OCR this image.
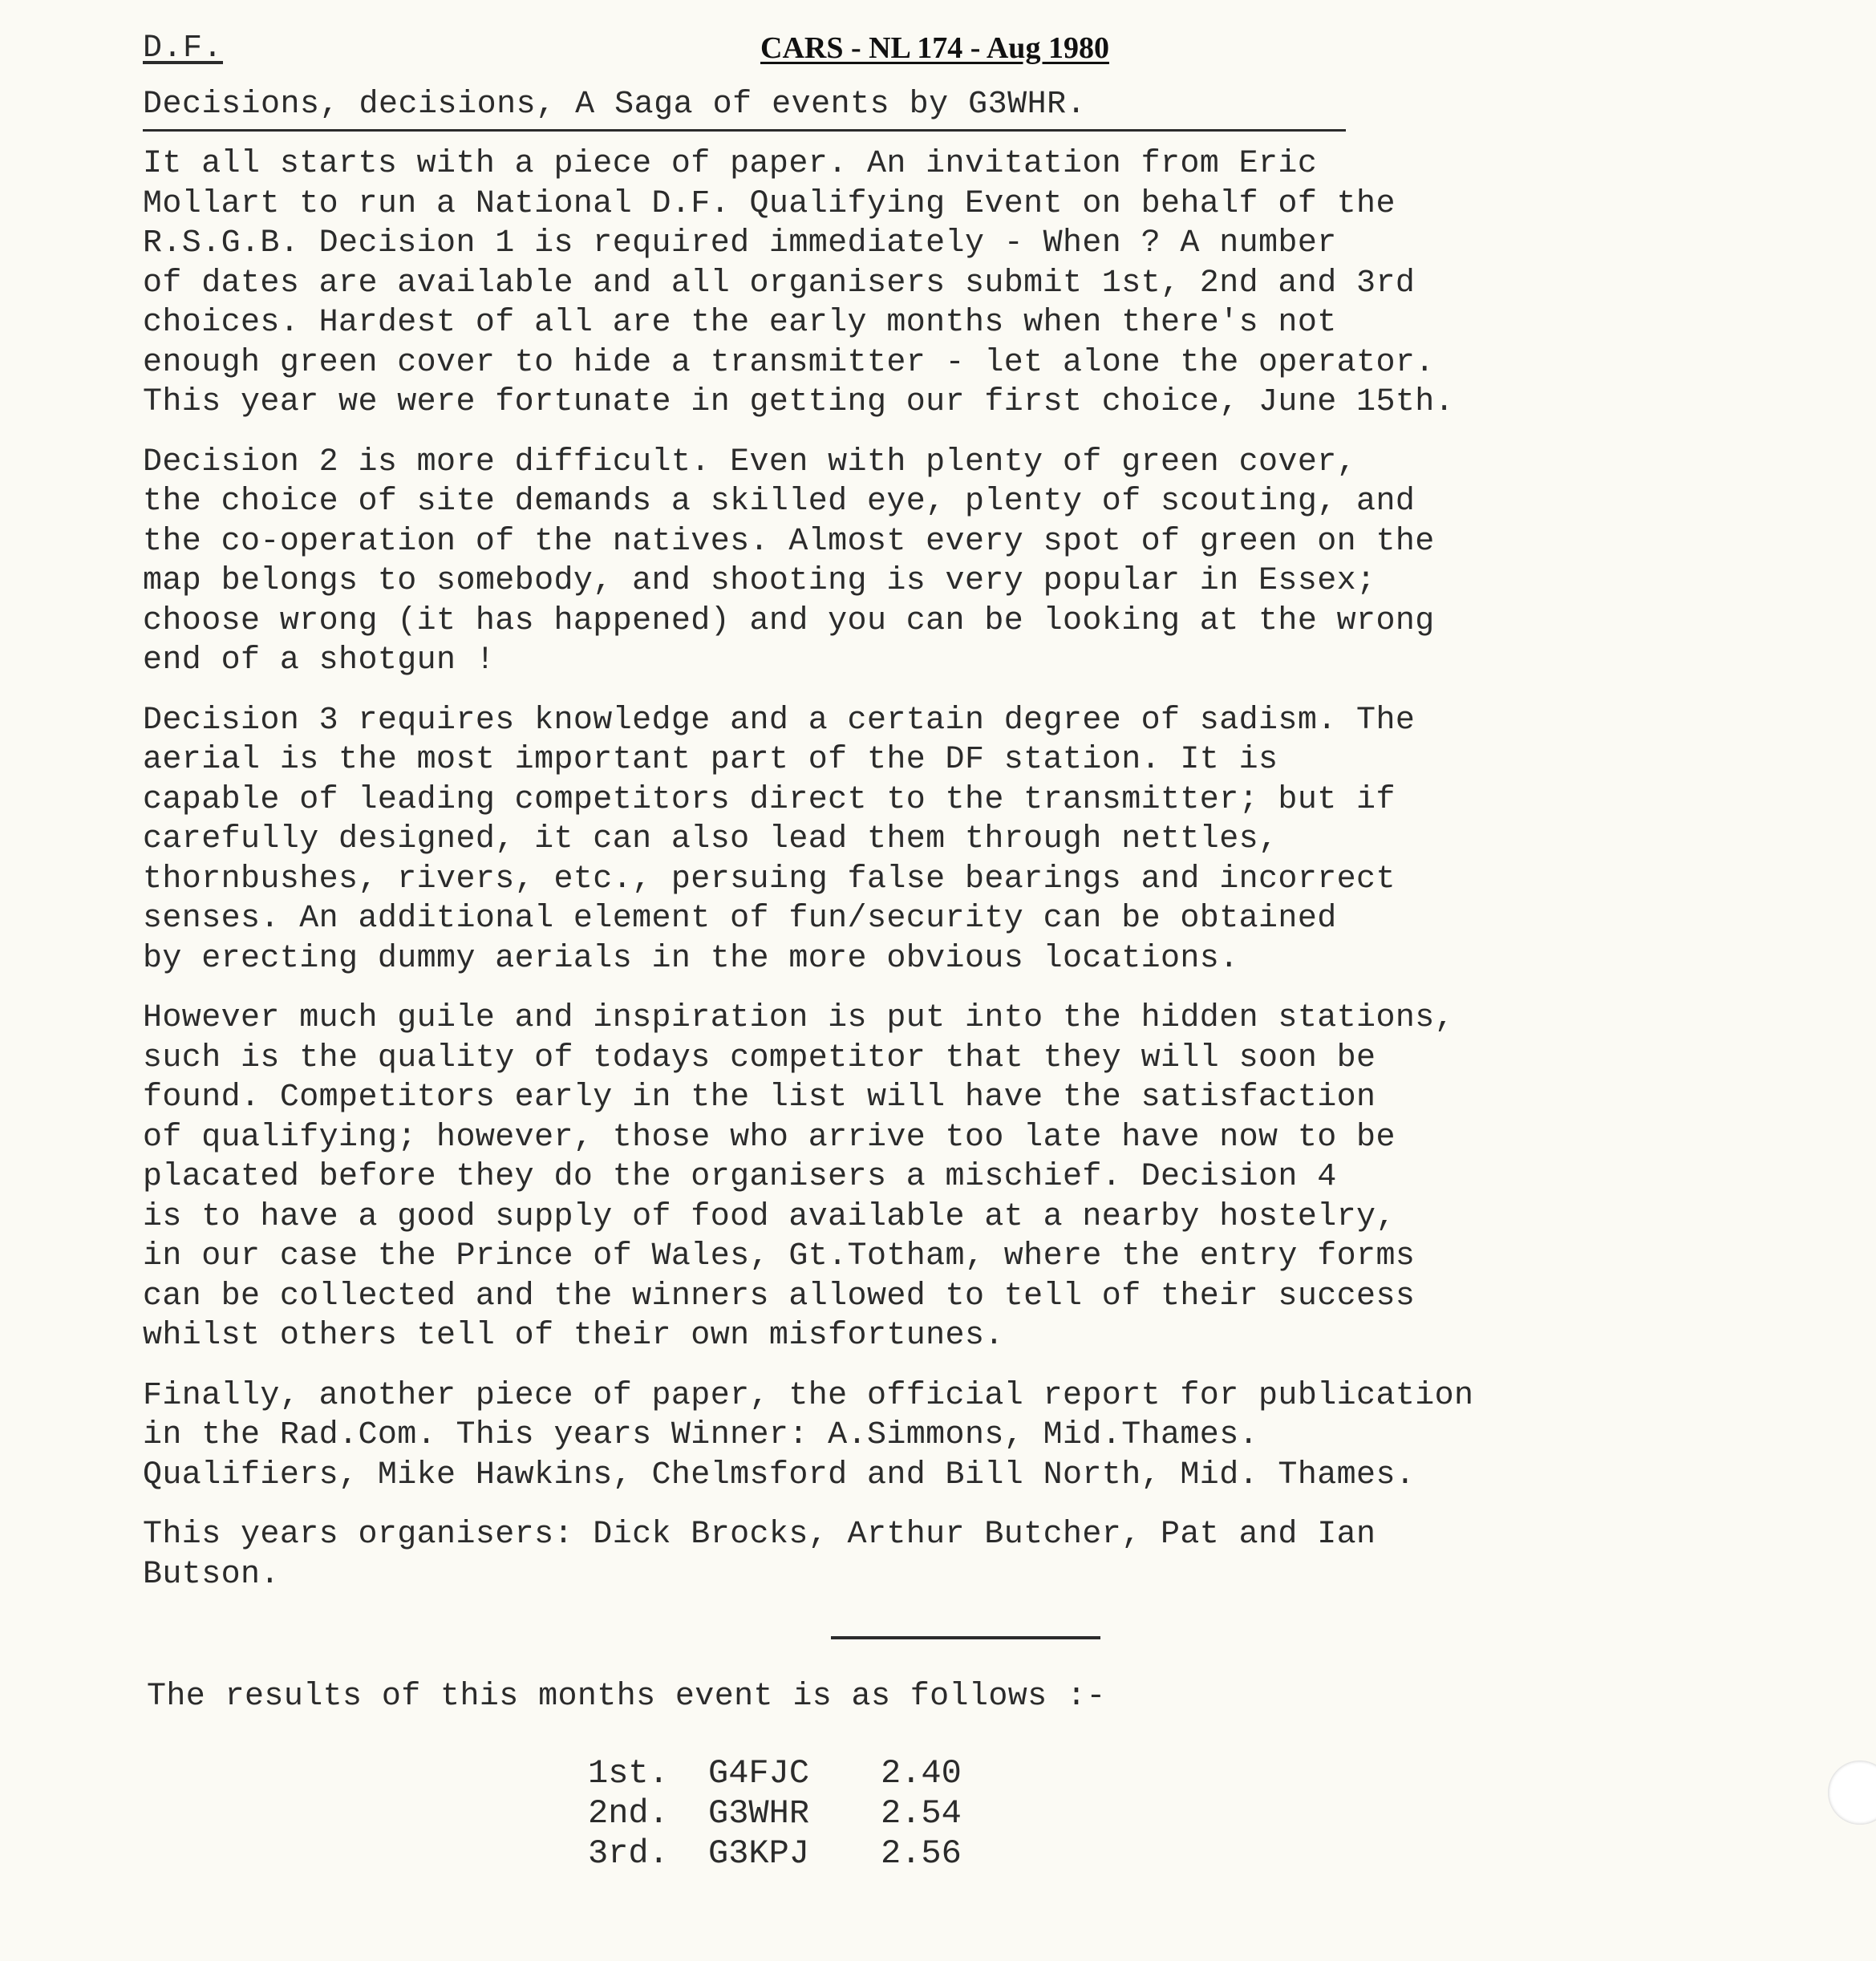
D.F.	CARS - NL 174 - Aug 1980
Decisions, decisions, A Saga of events by G3WHR.

It all starts with a piece of paper. An invitation from Eric
Mollart to run a National D.F. Qualifying Event on behalf of the
R.S.G.B. Decision 1 is required immediately - When ? A number
of dates are available and all organisers submit 1st, 2nd and 3rd
choices. Hardest of all are the early months when there's not
enough green cover to hide a transmitter - let alone the operator.
This year we were fortunate in getting our first choice, June 15th.

Decision 2 is more difficult. Even with plenty of green cover,
the choice of site demands a skilled eye, plenty of scouting, and
the co-operation of the natives. Almost every spot of green on the
map belongs to somebody, and shooting is very popular in Essex;
choose wrong (it has happened) and you can be looking at the wrong
end of a shotgun !

Decision 3 requires knowledge and a certain degree of sadism. The
aerial is the most important part of the DF station. It is
capable of leading competitors direct to the transmitter; but if
carefully designed, it can also lead them through nettles,
thornbushes, rivers, etc., persuing false bearings and incorrect
senses. An additional element of fun/security can be obtained
by erecting dummy aerials in the more obvious locations.

However much guile and inspiration is put into the hidden stations,
such is the quality of todays competitor that they will soon be
found. Competitors early in the list will have the satisfaction
of qualifying; however, those who arrive too late have now to be
placated before they do the organisers a mischief. Decision 4
is to have a good supply of food available at a nearby hostelry,
in our case the Prince of Wales, Gt.Totham, where the entry forms
can be collected and the winners allowed to tell of their success
whilst others tell of their own misfortunes.

Finally, another piece of paper, the official report for publication
in the Rad.Com. This years Winner: A.Simmons, Mid.Thames.
Qualifiers, Mike Hawkins, Chelmsford and Bill North, Mid. Thames.

This years organisers: Dick Brocks, Arthur Butcher, Pat and Ian
Butson.

The results of this months event is as follows :-
1st.	G4FJC	2.40
2nd.	G3WHR	2.54
3rd.	G3KPJ	2.56
